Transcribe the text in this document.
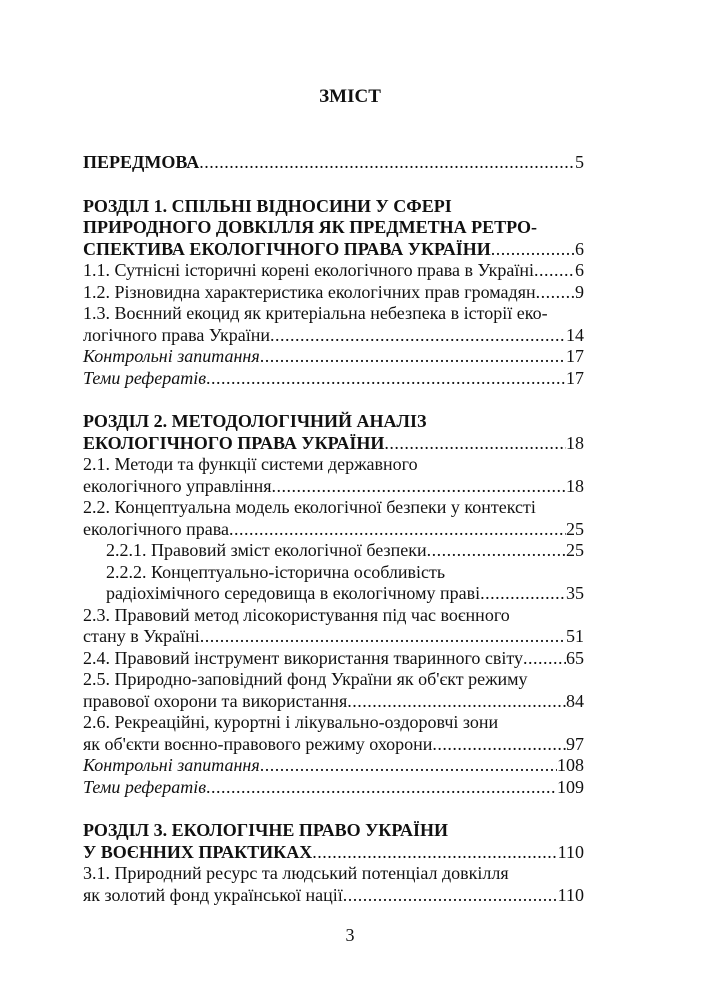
ЗМІСТ
ПЕРЕДМОВА .....	5
РОЗДІЛ 1. СПІЛЬНІ ВІДНОСИНИ У СФЕРІ
ПРИРОДНОГО ДОВКІЛЛЯ ЯК ПРЕДМЕТНА РЕТРО-
СПЕКТИВА ЕКОЛОГІЧНОГО ПРАВА УКРАЇНИ .....	6
1.1. Сутнісні історичні корені екологічного права в Україні ..... 6
1.2. Різновидна характеристика екологічних прав громадян ..... 9
1.3. Воєнний екоцид як критеріальна небезпека в історії еко-
логічного права України .....	14
Контрольні запитання .....	17
Теми рефератів .....	17
РОЗДІЛ 2. МЕТОДОЛОГІЧНИЙ АНАЛІЗ
ЕКОЛОГІЧНОГО ПРАВА УКРАЇНИ .....	18
2.1. Методи та функції системи державного
екологічного управління .....	18
2.2. Концептуальна модель екологічної безпеки у контексті
екологічного права .....	25
2.2.1. Правовий зміст екологічної безпеки .....	25
2.2.2. Концептуально-історична особливість
радіохімічного середовища в екологічному праві .....	35
2.3. Правовий метод лісокористування під час воєнного
стану в Україні .....	51
2.4. Правовий інструмент використання тваринного світу ..... 65
2.5. Природно-заповідний фонд України як об'єкт режиму
правової охорони та використання .....	84
2.6. Рекреаційні, курортні і лікувально-оздоровчі зони
як об'єкти воєнно-правового режиму охорони .....	97
Контрольні запитання .....	108
Теми рефератів .....	109
РОЗДІЛ 3. ЕКОЛОГІЧНЕ ПРАВО УКРАЇНИ
У ВОЄННИХ ПРАКТИКАХ .....	110
3.1. Природний ресурс та людський потенціал довкілля
як золотий фонд української нації .....	110
3
